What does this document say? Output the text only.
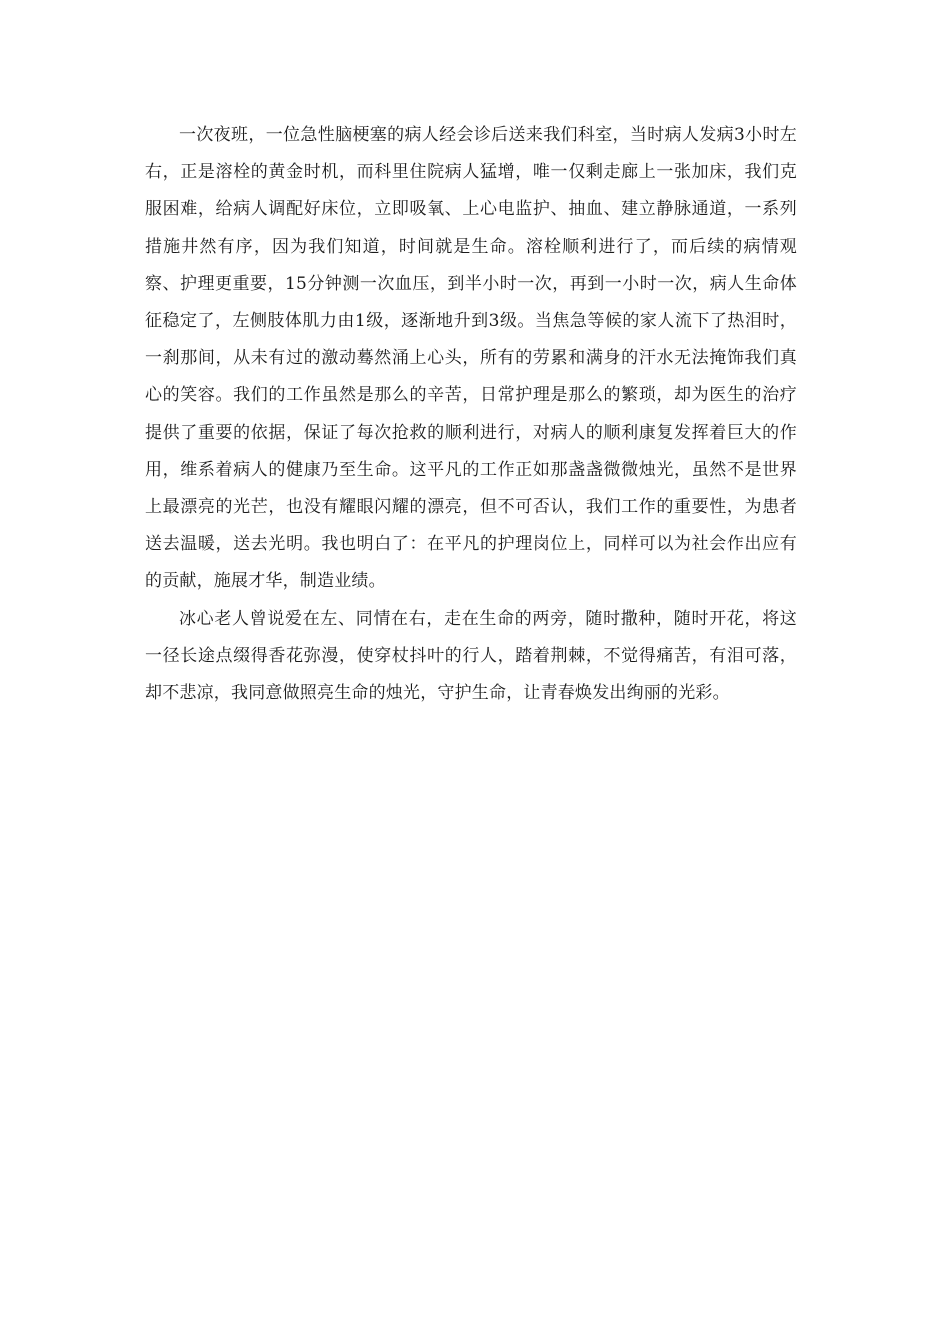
一次夜班，一位急性脑梗塞的病人经会诊后送来我们科室，当时病人发病3小时左右，正是溶栓的黄金时机，而科里住院病人猛增，唯一仅剩走廊上一张加床，我们克服困难，给病人调配好床位，立即吸氧、上心电监护、抽血、建立静脉通道，一系列措施井然有序，因为我们知道，时间就是生命。溶栓顺利进行了，而后续的病情观察、护理更重要，15分钟测一次血压，到半小时一次，再到一小时一次，病人生命体征稳定了，左侧肢体肌力由1级，逐渐地升到3级。当焦急等候的家人流下了热泪时，一刹那间，从未有过的激动蓦然涌上心头，所有的劳累和满身的汗水无法掩饰我们真心的笑容。我们的工作虽然是那么的辛苦，日常护理是那么的繁琐，却为医生的治疗提供了重要的依据，保证了每次抢救的顺利进行，对病人的顺利康复发挥着巨大的作用，维系着病人的健康乃至生命。这平凡的工作正如那盏盏微微烛光，虽然不是世界上最漂亮的光芒，也没有耀眼闪耀的漂亮，但不可否认，我们工作的重要性，为患者送去温暖，送去光明。我也明白了：在平凡的护理岗位上，同样可以为社会作出应有的贡献，施展才华，制造业绩。

冰心老人曾说爱在左、同情在右，走在生命的两旁，随时撒种，随时开花，将这一径长途点缀得香花弥漫，使穿杖抖叶的行人，踏着荆棘，不觉得痛苦，有泪可落，却不悲凉，我同意做照亮生命的烛光，守护生命，让青春焕发出绚丽的光彩。
